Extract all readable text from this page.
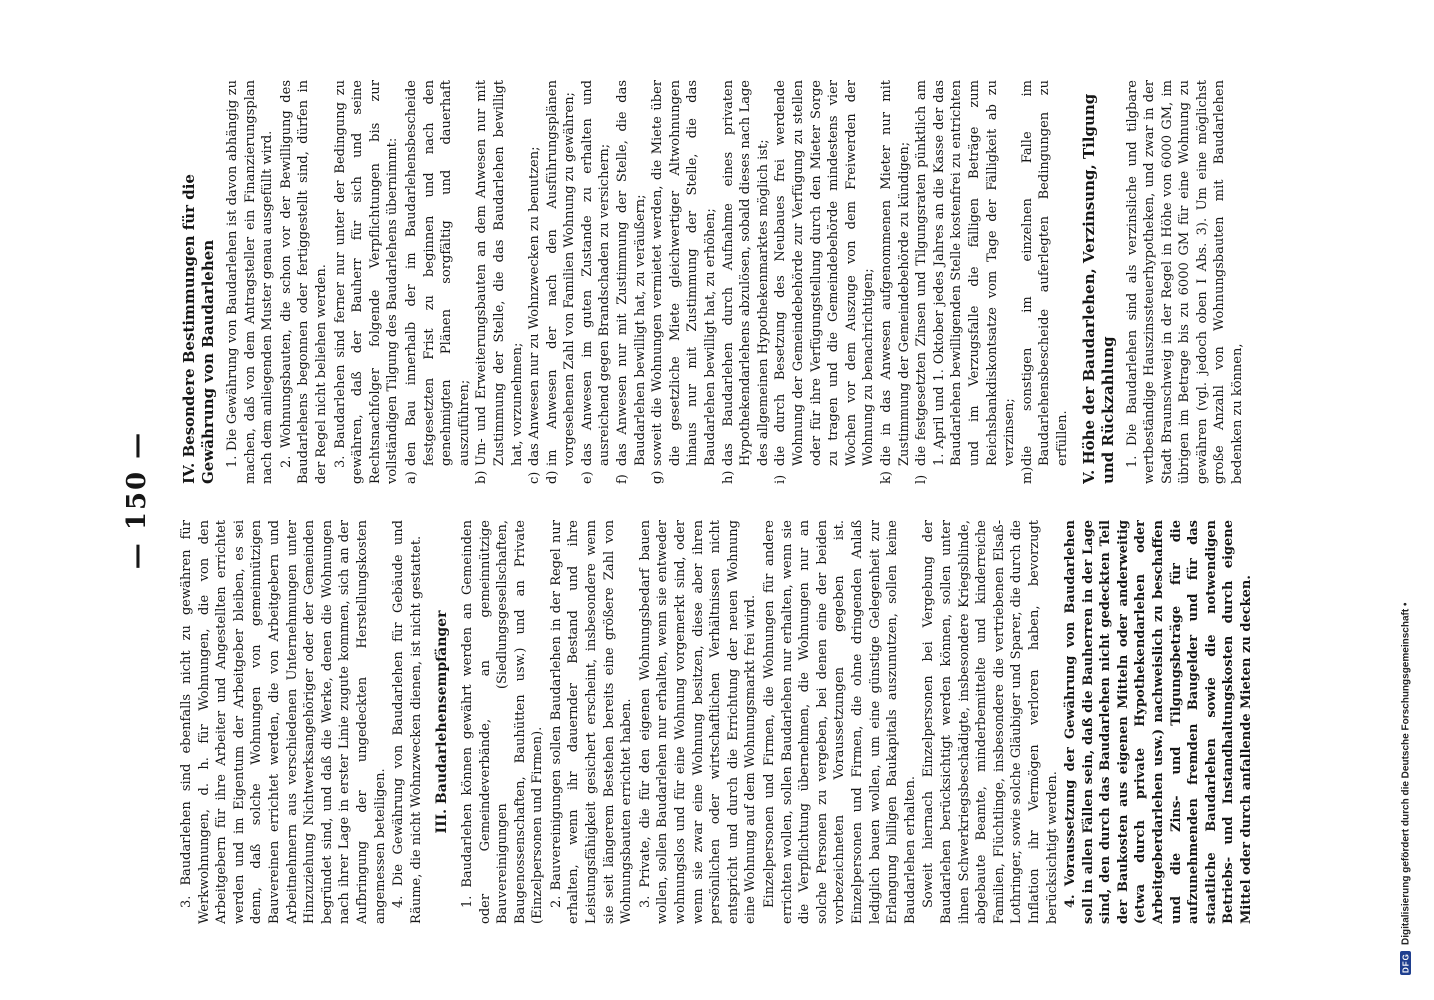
— 150 —

3. Baudarlehen sind ebenfalls nicht zu gewähren für Werkwohnungen, d. h. für Wohnungen, die von den Arbeitgebern für ihre Arbeiter und Angestellten errichtet werden und im Eigentum der Arbeitgeber bleiben, es sei denn, daß solche Wohnungen von gemeinnützigen Bauvereinen errichtet werden, die von Arbeitgebern und Arbeitnehmern aus verschiedenen Unternehmungen unter Hinzuziehung Nichtwerksangehöriger oder der Gemeinden begründet sind, und daß die Werke, denen die Wohnungen nach ihrer Lage in erster Linie zugute kommen, sich an der Aufbringung der ungedeckten Herstellungskosten angemessen beteiligen. 4. Die Gewährung von Baudarlehen für Gebäude und Räume, die nicht Wohnzwecken dienen, ist nicht gestattet. III. Baudarlehensempfänger 1. Baudarlehen können gewährt werden an Gemeinden oder Gemeindeverbände, an gemeinnützige Bauvereinigungen (Siedlungsgesellschaften, Baugenossenschaften, Bauhütten usw.) und an Private (Einzelpersonen und Firmen). 2. Bauvereinigungen sollen Baudarlehen in der Regel nur erhalten, wenn ihr dauernder Bestand und ihre Leistungsfähigkeit gesichert erscheint, insbesondere wenn sie seit längerem Bestehen bereits eine größere Zahl von Wohnungsbauten errichtet haben. 3. Private, die für den eigenen Wohnungsbedarf bauen wollen, sollen Baudarlehen nur erhalten, wenn sie entweder wohnungslos und für eine Wohnung vorgemerkt sind, oder wenn sie zwar eine Wohnung besitzen, diese aber ihren persönlichen oder wirtschaftlichen Verhältnissen nicht entspricht und durch die Errichtung der neuen Wohnung eine Wohnung auf dem Wohnungsmarkt frei wird. Einzelpersonen und Firmen, die Wohnungen für andere errichten wollen, sollen Baudarlehen nur erhalten, wenn sie die Verpflichtung übernehmen, die Wohnungen nur an solche Personen zu vergeben, bei denen eine der beiden vorbezeichneten Voraussetzungen gegeben ist. Einzelpersonen und Firmen, die ohne dringenden Anlaß lediglich bauen wollen, um eine günstige Gelegenheit zur Erlangung billigen Baukapitals auszunutzen, sollen keine Baudarlehen erhalten. Soweit hiernach Einzelpersonen bei Vergebung der Baudarlehen berücksichtigt werden können, sollen unter ihnen Schwerkriegsbeschädigte, insbesondere Kriegsblinde, abgebaute Beamte, minderbemittelte und kinderreiche Familien, Flüchtlinge, insbesondere die vertriebenen Elsaß-Lothringer, sowie solche Gläubiger und Sparer, die durch die Inflation ihr Vermögen verloren haben, bevorzugt berücksichtigt werden. 4. Voraussetzung der Gewährung von Baudarlehen soll in allen Fällen sein, daß die Bauherren in der Lage sind, den durch das Baudarlehen nicht gedeckten Teil der Baukosten aus eigenen Mitteln oder anderweitig (etwa durch private Hypothekendarlehen oder Arbeitgeberdarlehen usw.) nachweislich zu beschaffen und die Zins- und Tilgungsbeträge für die aufzunehmenden fremden Baugelder und für das staatliche Baudarlehen sowie die notwendigen Betriebs- und Instandhaltungskosten durch eigene Mittel oder durch anfallende Mieten zu decken.

IV. Besondere Bestimmungen für die Gewährung von Baudarlehen 1. Die Gewährung von Baudarlehen ist davon abhängig zu machen, daß von dem Antragsteller ein Finanzierungsplan nach dem anliegenden Muster genau ausgefüllt wird. 2. Wohnungsbauten, die schon vor der Bewilligung des Baudarlehens begonnen oder fertiggestellt sind, dürfen in der Regel nicht beliehen werden. 3. Baudarlehen sind ferner nur unter der Bedingung zu gewähren, daß der Bauherr für sich und seine Rechtsnachfolger folgende Verpflichtungen bis zur vollständigen Tilgung des Baudarlehens übernimmt: a)
den Bau innerhalb der im Baudarlehensbescheide festgesetzten Frist zu beginnen und nach den genehmigten Plänen sorgfältig und dauerhaft auszuführen;
b)
Um- und Erweiterungsbauten an dem Anwesen nur mit Zustimmung der Stelle, die das Baudarlehen bewilligt hat, vorzunehmen;
c)
das Anwesen nur zu Wohnzwecken zu benutzen;
d)
im Anwesen der nach den Ausführungsplänen vorgesehenen Zahl von Familien Wohnung zu gewähren;
e)
das Anwesen im guten Zustande zu erhalten und ausreichend gegen Brandschaden zu versichern;
f)
das Anwesen nur mit Zustimmung der Stelle, die das Baudarlehen bewilligt hat, zu veräußern;
g)
soweit die Wohnungen vermietet werden, die Miete über die gesetzliche Miete gleichwertiger Altwohnungen hinaus nur mit Zustimmung der Stelle, die das Baudarlehen bewilligt hat, zu erhöhen;
h)
das Baudarlehen durch Aufnahme eines privaten Hypothekendarlehens abzulösen, sobald dieses nach Lage des allgemeinen Hypothekenmarktes möglich ist;
i)
die durch Besetzung des Neubaues frei werdende Wohnung der Gemeindebehörde zur Verfügung zu stellen oder für ihre Verfügungstellung durch den Mieter Sorge zu tragen und die Gemeindebehörde mindestens vier Wochen vor dem Auszuge von dem Freiwerden der Wohnung zu benachrichtigen;
k)
die in das Anwesen aufgenommenen Mieter nur mit Zustimmung der Gemeindebehörde zu kündigen;
l)
die festgesetzten Zinsen und Tilgungsraten pünktlich am 1. April und 1. Oktober jedes Jahres an die Kasse der das Baudarlehen bewilligenden Stelle kostenfrei zu entrichten und im Verzugsfalle die fälligen Beträge zum Reichsbankdiskontsatze vom Tage der Fälligkeit ab zu verzinsen;
m)
die sonstigen im einzelnen Falle im Baudarlehensbescheide auferlegten Bedingungen zu erfüllen. V. Höhe der Baudarlehen, Verzinsung, Tilgung und Rückzahlung 1. Die Baudarlehen sind als verzinsliche und tilgbare wertbeständige Hauszinssteuerhypotheken, und zwar in der Stadt Braunschweig in der Regel in Höhe von 6000 GM, im übrigen im Betrage bis zu 6000 GM für eine Wohnung zu gewähren (vgl. jedoch oben I Abs. 3). Um eine möglichst große Anzahl von Wohnungsbauten mit Baudarlehen bedenken zu können,

DFG
Digitalisierung gefördert durch die Deutsche Forschungsgemeinschaft •
